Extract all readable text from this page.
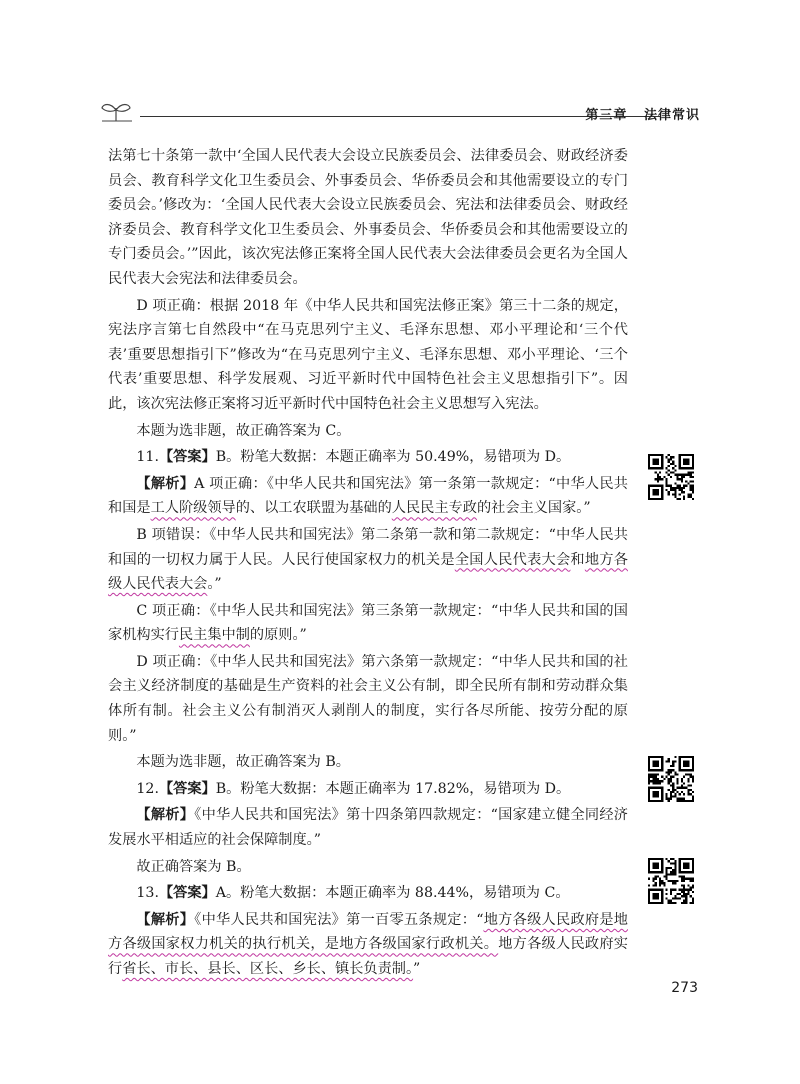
第三章 法律常识

法第七十条第一款中‘全国人民代表大会设立民族委员会、法律委员会、财政经济委员会、教育科学文化卫生委员会、外事委员会、华侨委员会和其他需要设立的专门委员会。’修改为：‘全国人民代表大会设立民族委员会、宪法和法律委员会、财政经济委员会、教育科学文化卫生委员会、外事委员会、华侨委员会和其他需要设立的专门委员会。’”因此，该次宪法修正案将全国人民代表大会法律委员会更名为全国人民代表大会宪法和法律委员会。

D 项正确：根据 2018 年《中华人民共和国宪法修正案》第三十二条的规定，宪法序言第七自然段中“在马克思列宁主义、毛泽东思想、邓小平理论和‘三个代表’重要思想指引下”修改为“在马克思列宁主义、毛泽东思想、邓小平理论、‘三个代表’重要思想、科学发展观、习近平新时代中国特色社会主义思想指引下”。因此，该次宪法修正案将习近平新时代中国特色社会主义思想写入宪法。

本题为选非题，故正确答案为 C。

11.【答案】B。粉笔大数据：本题正确率为 50.49%，易错项为 D。

【解析】A 项正确：《中华人民共和国宪法》第一条第一款规定：“中华人民共和国是工人阶级领导的、以工农联盟为基础的人民民主专政的社会主义国家。”

B 项错误：《中华人民共和国宪法》第二条第一款和第二款规定：“中华人民共和国的一切权力属于人民。人民行使国家权力的机关是全国人民代表大会和地方各级人民代表大会。”

C 项正确：《中华人民共和国宪法》第三条第一款规定：“中华人民共和国的国家机构实行民主集中制的原则。”

D 项正确：《中华人民共和国宪法》第六条第一款规定：“中华人民共和国的社会主义经济制度的基础是生产资料的社会主义公有制，即全民所有制和劳动群众集体所有制。社会主义公有制消灭人剥削人的制度，实行各尽所能、按劳分配的原则。”

本题为选非题，故正确答案为 B。

12.【答案】B。粉笔大数据：本题正确率为 17.82%，易错项为 D。

【解析】《中华人民共和国宪法》第十四条第四款规定：“国家建立健全同经济发展水平相适应的社会保障制度。”

故正确答案为 B。

13.【答案】A。粉笔大数据：本题正确率为 88.44%，易错项为 C。

【解析】《中华人民共和国宪法》第一百零五条规定：“地方各级人民政府是地方各级国家权力机关的执行机关，是地方各级国家行政机关。地方各级人民政府实行省长、市长、县长、区长、乡长、镇长负责制。”

273
